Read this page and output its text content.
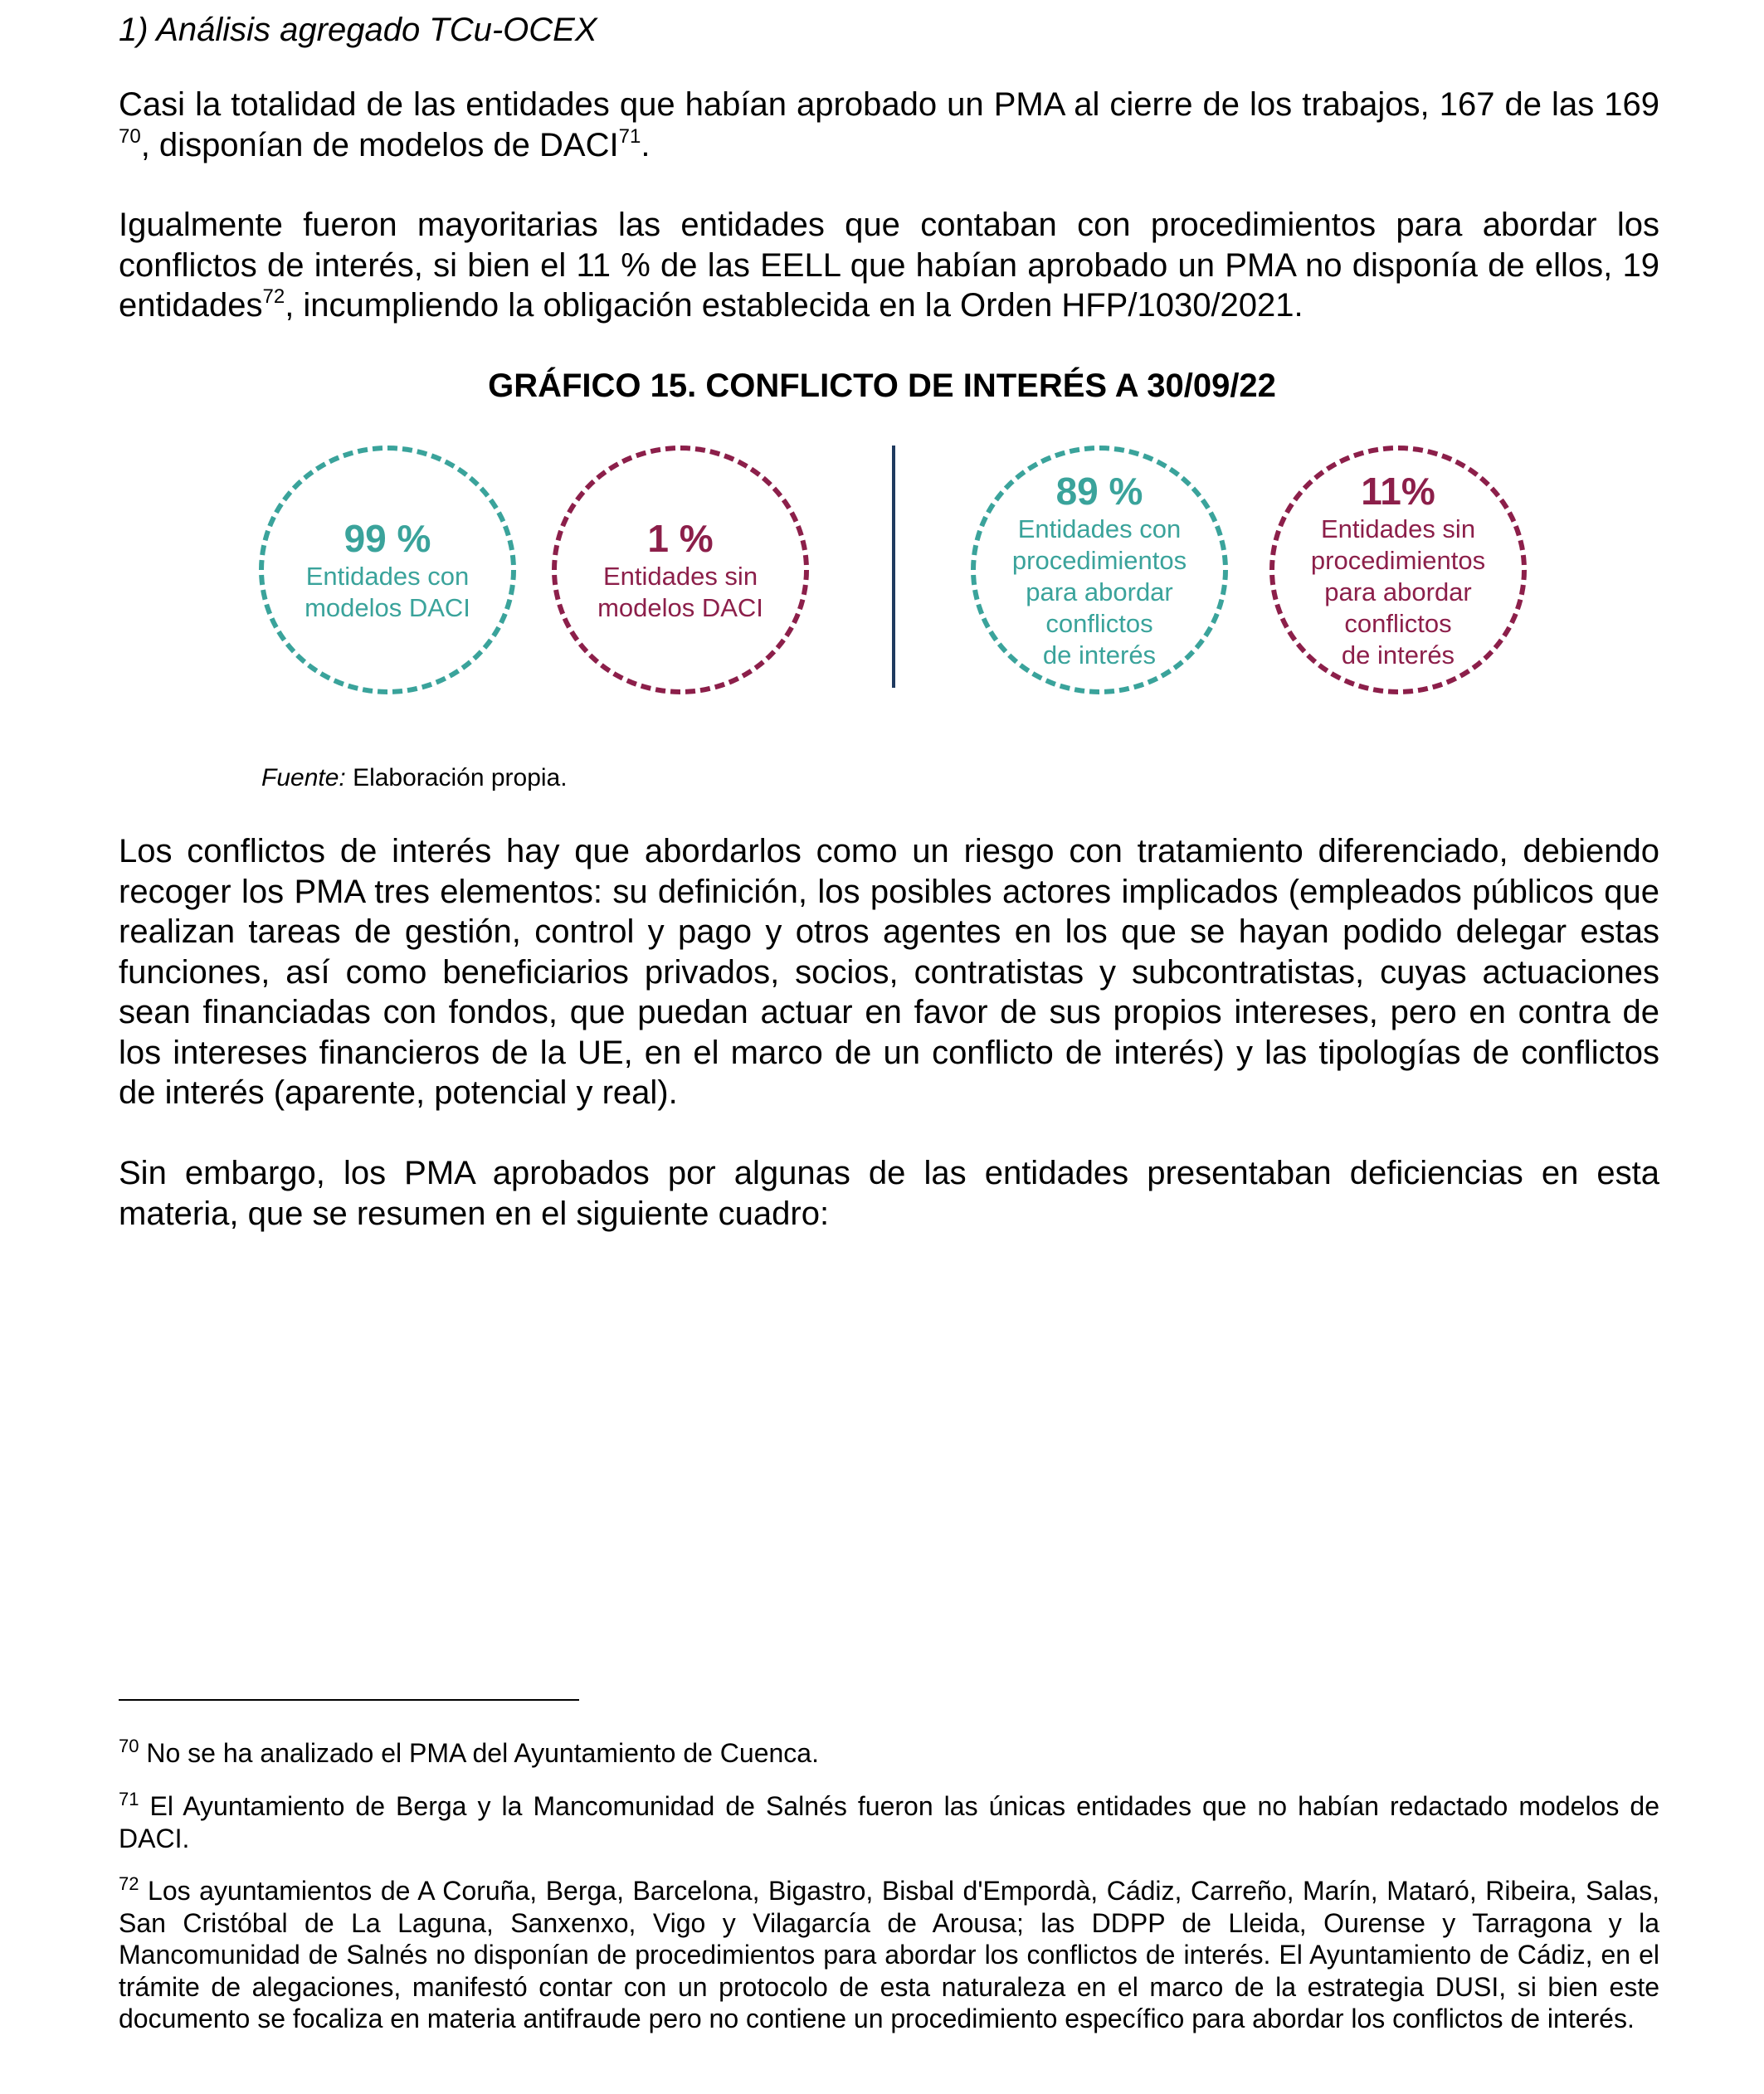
1) Análisis agregado TCu-OCEX
Casi la totalidad de las entidades que habían aprobado un PMA al cierre de los trabajos, 167 de las 169 $^{70}$, disponían de modelos de DACI$^{71}$.
Igualmente fueron mayoritarias las entidades que contaban con procedimientos para abordar los conflictos de interés, si bien el 11 % de las EELL que habían aprobado un PMA no disponía de ellos, 19 entidades$^{72}$, incumpliendo la obligación establecida en la Orden HFP/1030/2021.
GRÁFICO 15. CONFLICTO DE INTERÉS A 30/09/22
99 %
Entidades con
modelos DACI
1 %
Entidades sin
modelos DACI
89 %
Entidades con
procedimientos
para abordar
conflictos
de interés
11%
Entidades sin
procedimientos
para abordar
conflictos
de interés
Fuente: Elaboración propia.
Los conflictos de interés hay que abordarlos como un riesgo con tratamiento diferenciado, debiendo recoger los PMA tres elementos: su definición, los posibles actores implicados (empleados públicos que realizan tareas de gestión, control y pago y otros agentes en los que se hayan podido delegar estas funciones, así como beneficiarios privados, socios, contratistas y subcontratistas, cuyas actuaciones sean financiadas con fondos, que puedan actuar en favor de sus propios intereses, pero en contra de los intereses financieros de la UE, en el marco de un conflicto de interés) y las tipologías de conflictos de interés (aparente, potencial y real).
Sin embargo, los PMA aprobados por algunas de las entidades presentaban deficiencias en esta materia, que se resumen en el siguiente cuadro:
$^{70}$ No se ha analizado el PMA del Ayuntamiento de Cuenca.
$^{71}$ El Ayuntamiento de Berga y la Mancomunidad de Salnés fueron las únicas entidades que no habían redactado modelos de DACI.
$^{72}$ Los ayuntamientos de A Coruña, Berga, Barcelona, Bigastro, Bisbal d'Empordà, Cádiz, Carreño, Marín, Mataró, Ribeira, Salas, San Cristóbal de La Laguna, Sanxenxo, Vigo y Vilagarcía de Arousa; las DDPP de Lleida, Ourense y Tarragona y la Mancomunidad de Salnés no disponían de procedimientos para abordar los conflictos de interés. El Ayuntamiento de Cádiz, en el trámite de alegaciones, manifestó contar con un protocolo de esta naturaleza en el marco de la estrategia DUSI, si bien este documento se focaliza en materia antifraude pero no contiene un procedimiento específico para abordar los conflictos de interés.
